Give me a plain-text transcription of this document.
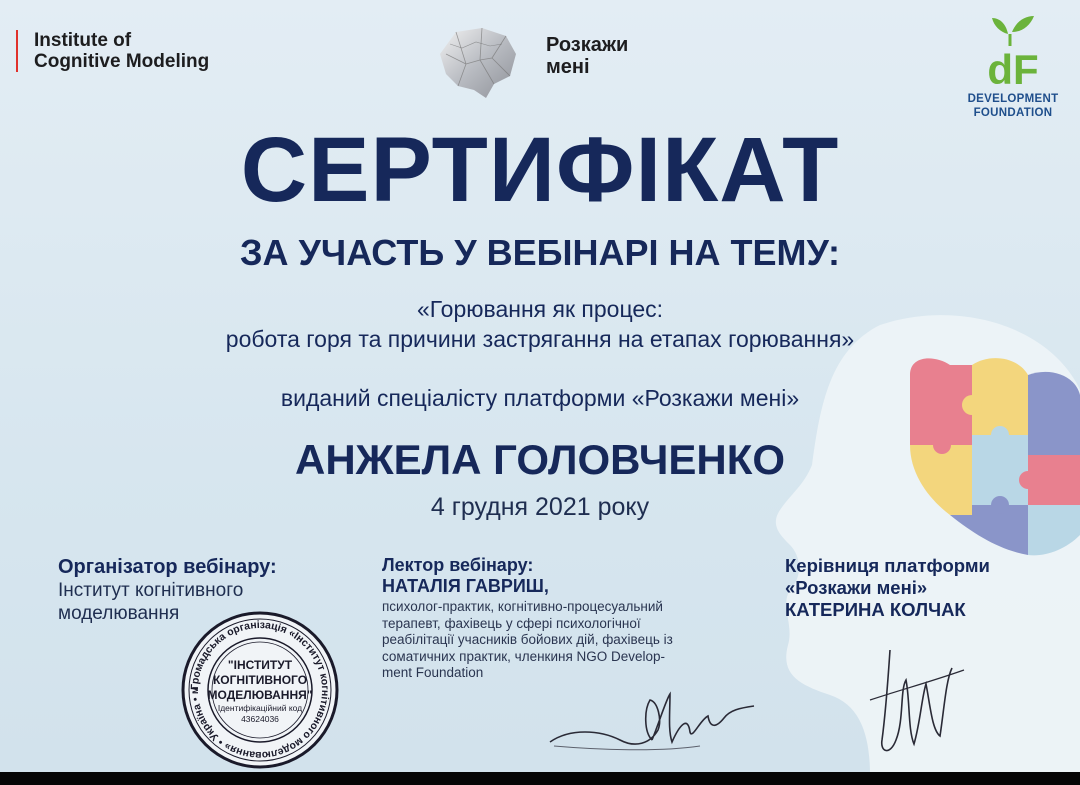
Institute of
Cognitive Modeling
Розкажи
мені	dF
DEVELOPMENT
FOUNDATION
СЕРТИФІКАТ
ЗА УЧАСТЬ У ВЕБІНАРІ НА ТЕМУ:
«Горювання як процес:
робота горя та причини застрягання на етапах горювання»
виданий спеціалісту платформи «Розкажи мені»
АНЖЕЛА ГОЛОВЧЕНКО
4 грудня 2021 року
Організатор вебінару:
Інститут когнітивного
моделювання
Громадська організація «Інститут когнітивного моделювання» • Україна • м
"ІНСТИТУТ
КОГНІТИВНОГО
МОДЕЛЮВАННЯ"
Ідентифікаційний код
43624036
Лектор вебінару:
НАТАЛІЯ ГАВРИШ,
психолог-практик, когнітивно-процесуальний
терапевт, фахівець у сфері психологічної
реабілітації учасників бойових дій, фахівець із
соматичних практик, членкиня NGO Develop-
ment Foundation
Керівниця платформи
«Розкажи мені»
КАТЕРИНА КОЛЧАК
